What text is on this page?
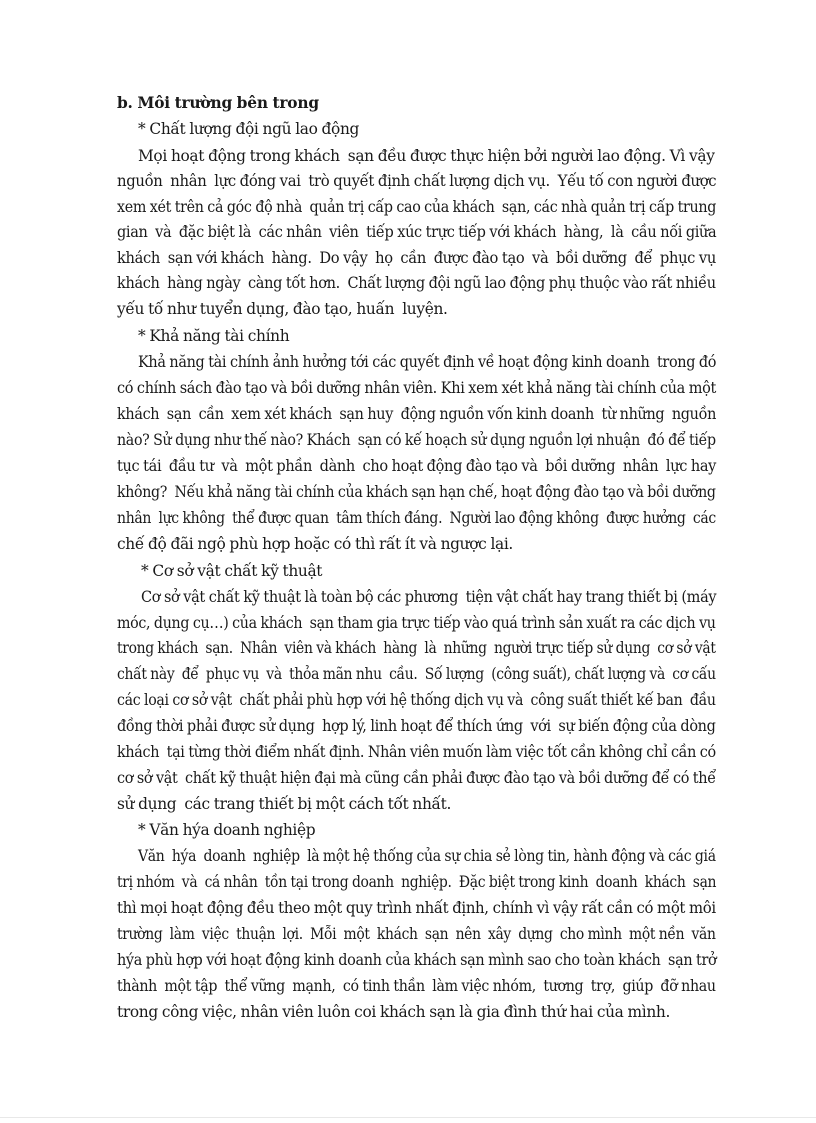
b. Môi trường bên trong
* Chất lượng đội ngũ lao động
Mọi hoạt động trong khách  sạn đều được thực hiện bởi người lao động. Vì vậy
nguồn  nhân  lực đóng vai  trò quyết định chất lượng dịch vụ.  Yếu tố con người được
xem xét trên cả góc độ nhà  quản trị cấp cao của khách  sạn, các nhà quản trị cấp trung
gian  và  đặc biệt là  các nhân  viên  tiếp xúc trực tiếp với khách  hàng,  là  cầu nối giữa
khách  sạn với khách  hàng.  Do vậy  họ  cần  được đào tạo  và  bồi dưỡng  để  phục vụ
khách  hàng ngày  càng tốt hơn.  Chất lượng đội ngũ lao động phụ thuộc vào rất nhiều
yếu tố như tuyển dụng, đào tạo, huấn  luyện.
* Khả năng tài chính
Khả năng tài chính ảnh hưởng tới các quyết định về hoạt động kinh doanh  trong đó
có chính sách đào tạo và bồi dưỡng nhân viên. Khi xem xét khả năng tài chính của một
khách  sạn  cần  xem xét khách  sạn huy  động nguồn vốn kinh doanh  từ những  nguồn
nào? Sử dụng như thế nào? Khách  sạn có kế hoạch sử dụng nguồn lợi nhuận  đó để tiếp
tục tái  đầu tư  và  một phần  dành  cho hoạt động đào tạo và  bồi dưỡng  nhân  lực hay
không?  Nếu khả năng tài chính của khách sạn hạn chế, hoạt động đào tạo và bồi dưỡng
nhân  lực không  thể được quan  tâm thích đáng.  Người lao động không  được hưởng  các
chế độ đãi ngộ phù hợp hoặc có thì rất ít và ngược lại.
* Cơ sở vật chất kỹ thuật
Cơ sở vật chất kỹ thuật là toàn bộ các phương  tiện vật chất hay trang thiết bị (máy
móc, dụng cụ…) của khách  sạn tham gia trực tiếp vào quá trình sản xuất ra các dịch vụ
trong khách  sạn.  Nhân  viên và khách  hàng  là  những  người trực tiếp sử dụng  cơ sở vật
chất này  để  phục vụ  và  thỏa mãn nhu  cầu.  Số lượng  (công suất), chất lượng và  cơ cấu
các loại cơ sở vật  chất phải phù hợp với hệ thống dịch vụ và  công suất thiết kế ban  đầu
đồng thời phải được sử dụng  hợp lý, linh hoạt để thích ứng  với  sự biến động của dòng
khách  tại từng thời điểm nhất định. Nhân viên muốn làm việc tốt cần không chỉ cần có
cơ sở vật  chất kỹ thuật hiện đại mà cũng cần phải được đào tạo và bồi dưỡng để có thể
sử dụng  các trang thiết bị một cách tốt nhất.
* Văn hýa doanh nghiệp
Văn  hýa  doanh  nghiệp  là một hệ thống của sự chia sẻ lòng tin, hành động và các giá
trị nhóm  và  cá nhân  tồn tại trong doanh  nghiệp.  Đặc biệt trong kinh  doanh  khách  sạn
thì mọi hoạt động đều theo một quy trình nhất định, chính vì vậy rất cần có một môi
trường  làm  việc  thuận  lợi.  Mỗi  một  khách  sạn  nên  xây  dựng  cho mình  một nền  văn
hýa phù hợp với hoạt động kinh doanh của khách sạn mình sao cho toàn khách  sạn trở
thành  một tập  thể vững  mạnh,  có tinh thần  làm việc nhóm,  tương  trợ,  giúp  đỡ nhau
trong công việc, nhân viên luôn coi khách sạn là gia đình thứ hai của mình.
